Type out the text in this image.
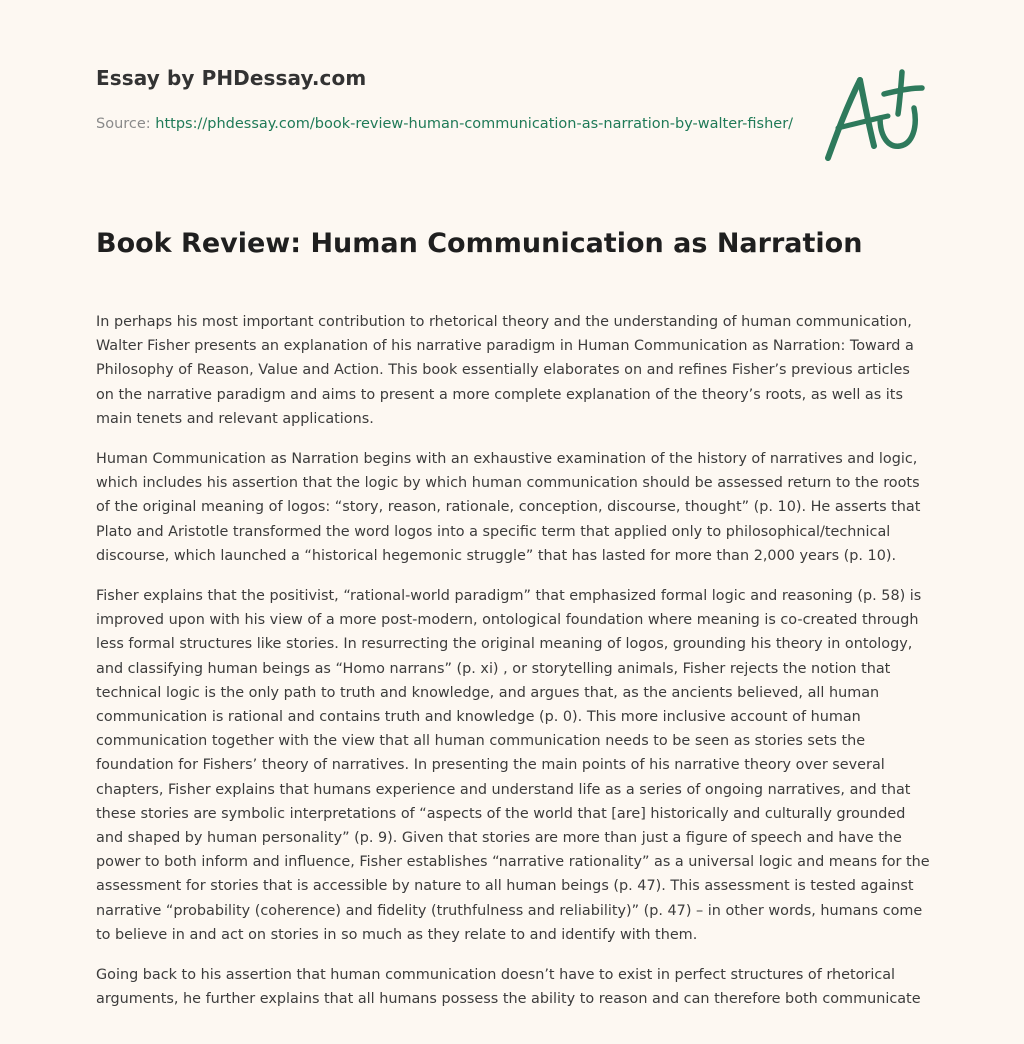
Essay by PHDessay.com
Source: https://phdessay.com/book-review-human-communication-as-narration-by-walter-fisher/
Book Review: Human Communication as Narration

In perhaps his most important contribution to rhetorical theory and the understanding of human communication, Walter Fisher presents an explanation of his narrative paradigm in Human Communication as Narration: Toward a Philosophy of Reason, Value and Action. This book essentially elaborates on and refines Fisher’s previous articles on the narrative paradigm and aims to present a more complete explanation of the theory’s roots, as well as its main tenets and relevant applications.

Human Communication as Narration begins with an exhaustive examination of the history of narratives and logic, which includes his assertion that the logic by which human communication should be assessed return to the roots of the original meaning of logos: “story, reason, rationale, conception, discourse, thought” (p. 10). He asserts that Plato and Aristotle transformed the word logos into a specific term that applied only to philosophical/technical discourse, which launched a “historical hegemonic struggle” that has lasted for more than 2,000 years (p. 10).

Fisher explains that the positivist, “rational-world paradigm” that emphasized formal logic and reasoning (p. 58) is improved upon with his view of a more post-modern, ontological foundation where meaning is co-created through less formal structures like stories. In resurrecting the original meaning of logos, grounding his theory in ontology, and classifying human beings as “Homo narrans” (p. xi) , or storytelling animals, Fisher rejects the notion that technical logic is the only path to truth and knowledge, and argues that, as the ancients believed, all human communication is rational and contains truth and knowledge (p. 0). This more inclusive account of human communication together with the view that all human communication needs to be seen as stories sets the foundation for Fishers’ theory of narratives. In presenting the main points of his narrative theory over several chapters, Fisher explains that humans experience and understand life as a series of ongoing narratives, and that these stories are symbolic interpretations of “aspects of the world that [are] historically and culturally grounded and shaped by human personality” (p. 9). Given that stories are more than just a figure of speech and have the power to both inform and influence, Fisher establishes “narrative rationality” as a universal logic and means for the assessment for stories that is accessible by nature to all human beings (p. 47). This assessment is tested against narrative “probability (coherence) and fidelity (truthfulness and reliability)” (p. 47) – in other words, humans come to believe in and act on stories in so much as they relate to and identify with them.

Going back to his assertion that human communication doesn’t have to exist in perfect structures of rhetorical arguments, he further explains that all humans possess the ability to reason and can therefore both communicate
